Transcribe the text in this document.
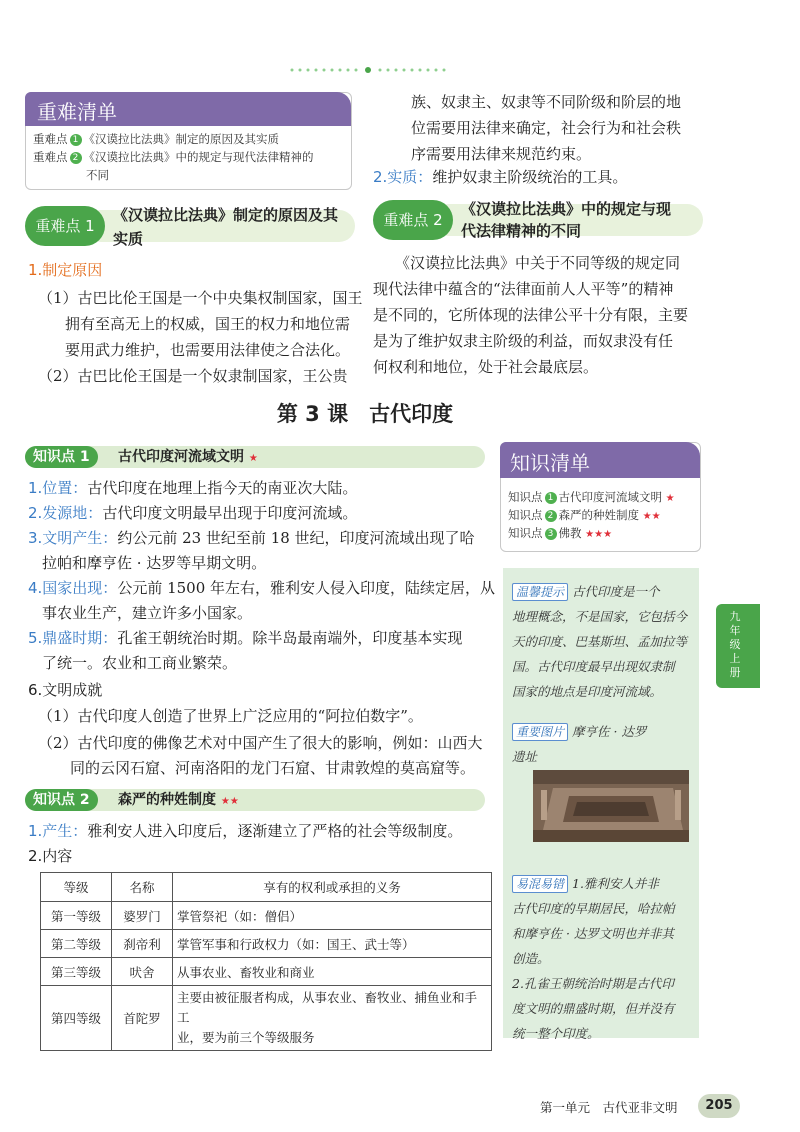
重难清单
重难点 1 《汉谟拉比法典》制定的原因及其实质
重难点 2 《汉谟拉比法典》中的规定与现代法律精神的
不同
重难点 1
《汉谟拉比法典》制定的原因及其
实质
1.制定原因
（1）古巴比伦王国是一个中央集权制国家，国王
拥有至高无上的权威，国王的权力和地位需
要用武力维护，也需要用法律使之合法化。
（2）古巴比伦王国是一个奴隶制国家，王公贵
族、奴隶主、奴隶等不同阶级和阶层的地
位需要用法律来确定，社会行为和社会秩
序需要用法律来规范约束。
2.实质：维护奴隶主阶级统治的工具。
重难点 2
《汉谟拉比法典》中的规定与现
代法律精神的不同
《汉谟拉比法典》中关于不同等级的规定同
现代法律中蕴含的“法律面前人人平等”的精神
是不同的，它所体现的法律公平十分有限，主要
是为了维护奴隶主阶级的利益，而奴隶没有任
何权利和地位，处于社会最底层。
第 3 课　古代印度
知识点 1	古代印度河流域文明 ★
1.位置：古代印度在地理上指今天的南亚次大陆。
2.发源地：古代印度文明最早出现于印度河流域。
3.文明产生：约公元前 23 世纪至前 18 世纪，印度河流域出现了哈
拉帕和摩亨佐 · 达罗等早期文明。
4.国家出现：公元前 1500 年左右，雅利安人侵入印度，陆续定居，从
事农业生产，建立许多小国家。
5.鼎盛时期：孔雀王朝统治时期。除半岛最南端外，印度基本实现
了统一。农业和工商业繁荣。
6.文明成就
（1）古代印度人创造了世界上广泛应用的“阿拉伯数字”。
（2）古代印度的佛像艺术对中国产生了很大的影响，例如：山西大
同的云冈石窟、河南洛阳的龙门石窟、甘肃敦煌的莫高窟等。
知识点 2	森严的种姓制度 ★★
1.产生：雅利安人进入印度后，逐渐建立了严格的社会等级制度。
2.内容
等级	名称	享有的权利或承担的义务
第一等级	婆罗门	掌管祭祀（如：僧侣）
第二等级	刹帝利	掌管军事和行政权力（如：国王、武士等）
第三等级	吠舍	从事农业、畜牧业和商业
第四等级	首陀罗	主要由被征服者构成，从事农业、畜牧业、捕鱼业和手工
业，要为前三个等级服务
知识清单
知识点 1 古代印度河流域文明 ★
知识点 2 森严的种姓制度 ★★
知识点 3 佛教 ★★★
温馨提示 古代印度是一个
地理概念，不是国家，它包括今
天的印度、巴基斯坦、孟加拉等
国。古代印度最早出现奴隶制
国家的地点是印度河流域。
重要图片 摩亨佐 · 达罗
遗址
易混易错 1.雅利安人并非
古代印度的早期居民，哈拉帕
和摩亨佐 · 达罗文明也并非其
创造。
2.孔雀王朝统治时期是古代印
度文明的鼎盛时期，但并没有
统一整个印度。
九年级上册
第一单元　古代亚非文明	205
